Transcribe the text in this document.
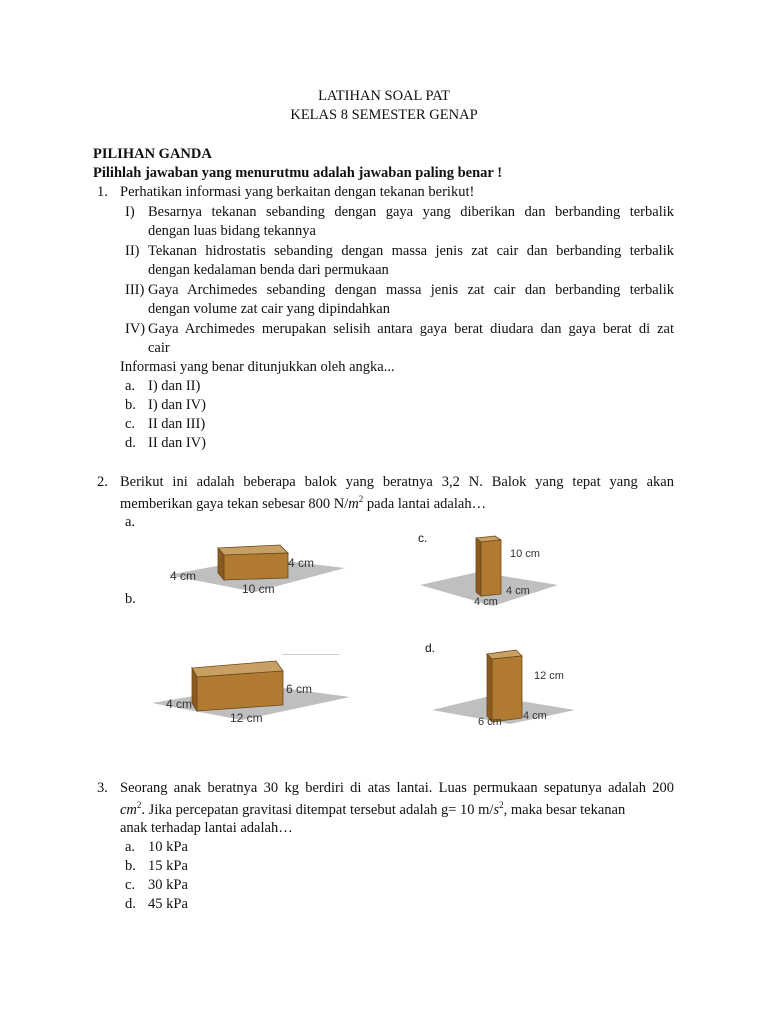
LATIHAN SOAL PAT
KELAS 8 SEMESTER GENAP
PILIHAN GANDA
Pilihlah jawaban yang menurutmu adalah jawaban paling benar !
1. Perhatikan informasi yang berkaitan dengan tekanan berikut!
I) Besarnya tekanan sebanding dengan gaya yang diberikan dan berbanding terbalik
dengan luas bidang tekannya
II) Tekanan hidrostatis sebanding dengan massa jenis zat cair dan berbanding terbalik
dengan kedalaman benda dari permukaan
III) Gaya Archimedes sebanding dengan massa jenis zat cair dan berbanding terbalik
dengan volume zat cair yang dipindahkan
IV) Gaya Archimedes merupakan selisih antara gaya berat diudara dan gaya berat di zat
cair
Informasi yang benar ditunjukkan oleh angka...
a. I) dan II)
b. I) dan IV)
c. II dan III)
d. II dan IV)
2. Berikut ini adalah beberapa balok yang beratnya 3,2 N. Balok yang tepat yang akan
memberikan gaya tekan sebesar 800 $N/m^2$ pada lantai adalah…
a.
b.
c.
d.
4 cm
10 cm
4 cm
10 cm
4 cm
4 cm
4 cm
12 cm
6 cm
12 cm
4 cm
6 cm
3. Seorang anak beratnya 30 kg berdiri di atas lantai. Luas permukaan sepatunya adalah 200
$cm^2$. Jika percepatan gravitasi ditempat tersebut adalah g= 10 $m/s^2$, maka besar tekanan
anak terhadap lantai adalah…
a. 10 kPa
b. 15 kPa
c. 30 kPa
d. 45 kPa
